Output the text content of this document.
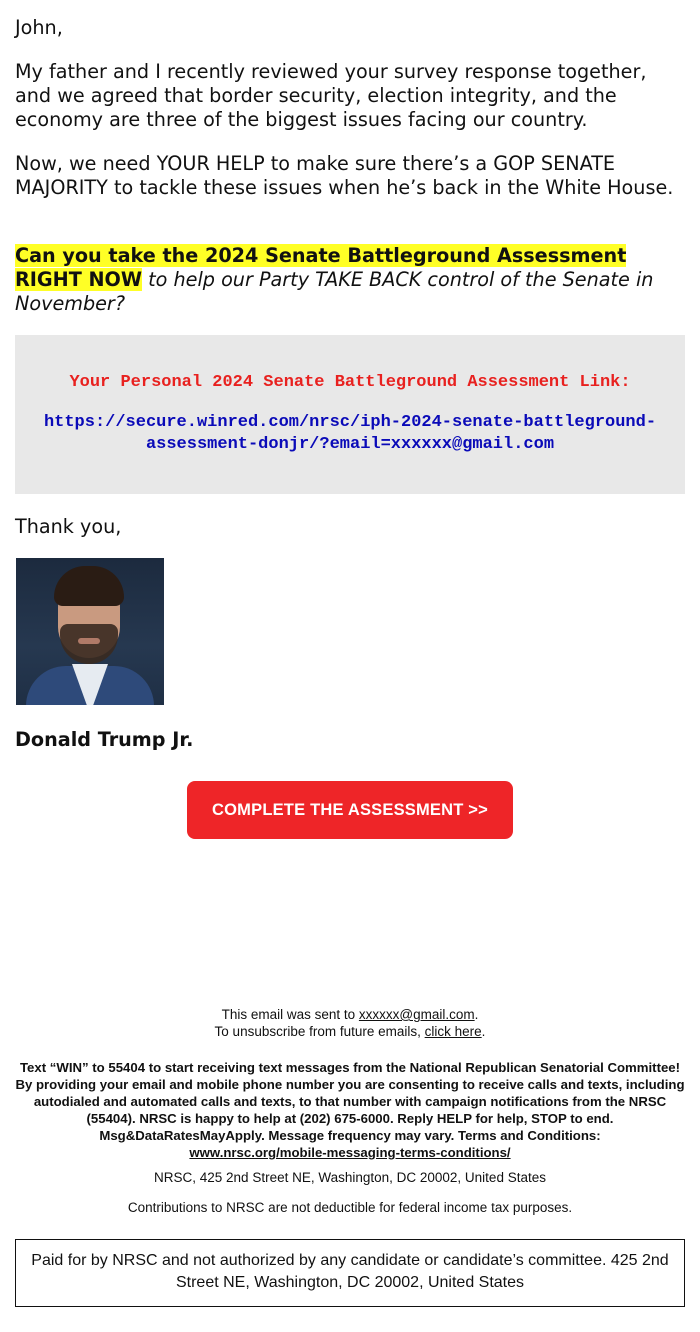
John,

My father and I recently reviewed your survey response together, and we agreed that border security, election integrity, and the economy are three of the biggest issues facing our country.

Now, we need YOUR HELP to make sure there’s a GOP SENATE MAJORITY to tackle these issues when he’s back in the White House.

Can you take the 2024 Senate Battleground Assessment RIGHT NOW to help our Party TAKE BACK control of the Senate in November?

Your Personal 2024 Senate Battleground Assessment Link:
https://secure.winred.com/nrsc/iph-2024-senate-battleground-assessment-donjr/?email=xxxxxx@gmail.com

Thank you,

Donald Trump Jr.
COMPLETE THE ASSESSMENT >>
This email was sent to xxxxxx@gmail.com.
To unsubscribe from future emails, click here.
Text “WIN” to 55404 to start receiving text messages from the National Republican Senatorial Committee! By providing your email and mobile phone number you are consenting to receive calls and texts, including autodialed and automated calls and texts, to that number with campaign notifications from the NRSC (55404). NRSC is happy to help at (202) 675-6000. Reply HELP for help, STOP to end. Msg&DataRatesMayApply. Message frequency may vary. Terms and Conditions:
www.nrsc.org/mobile-messaging-terms-conditions/
NRSC, 425 2nd Street NE, Washington, DC 20002, United States
Contributions to NRSC are not deductible for federal income tax purposes.
Paid for by NRSC and not authorized by any candidate or candidate’s committee. 425 2nd Street NE, Washington, DC 20002, United States
